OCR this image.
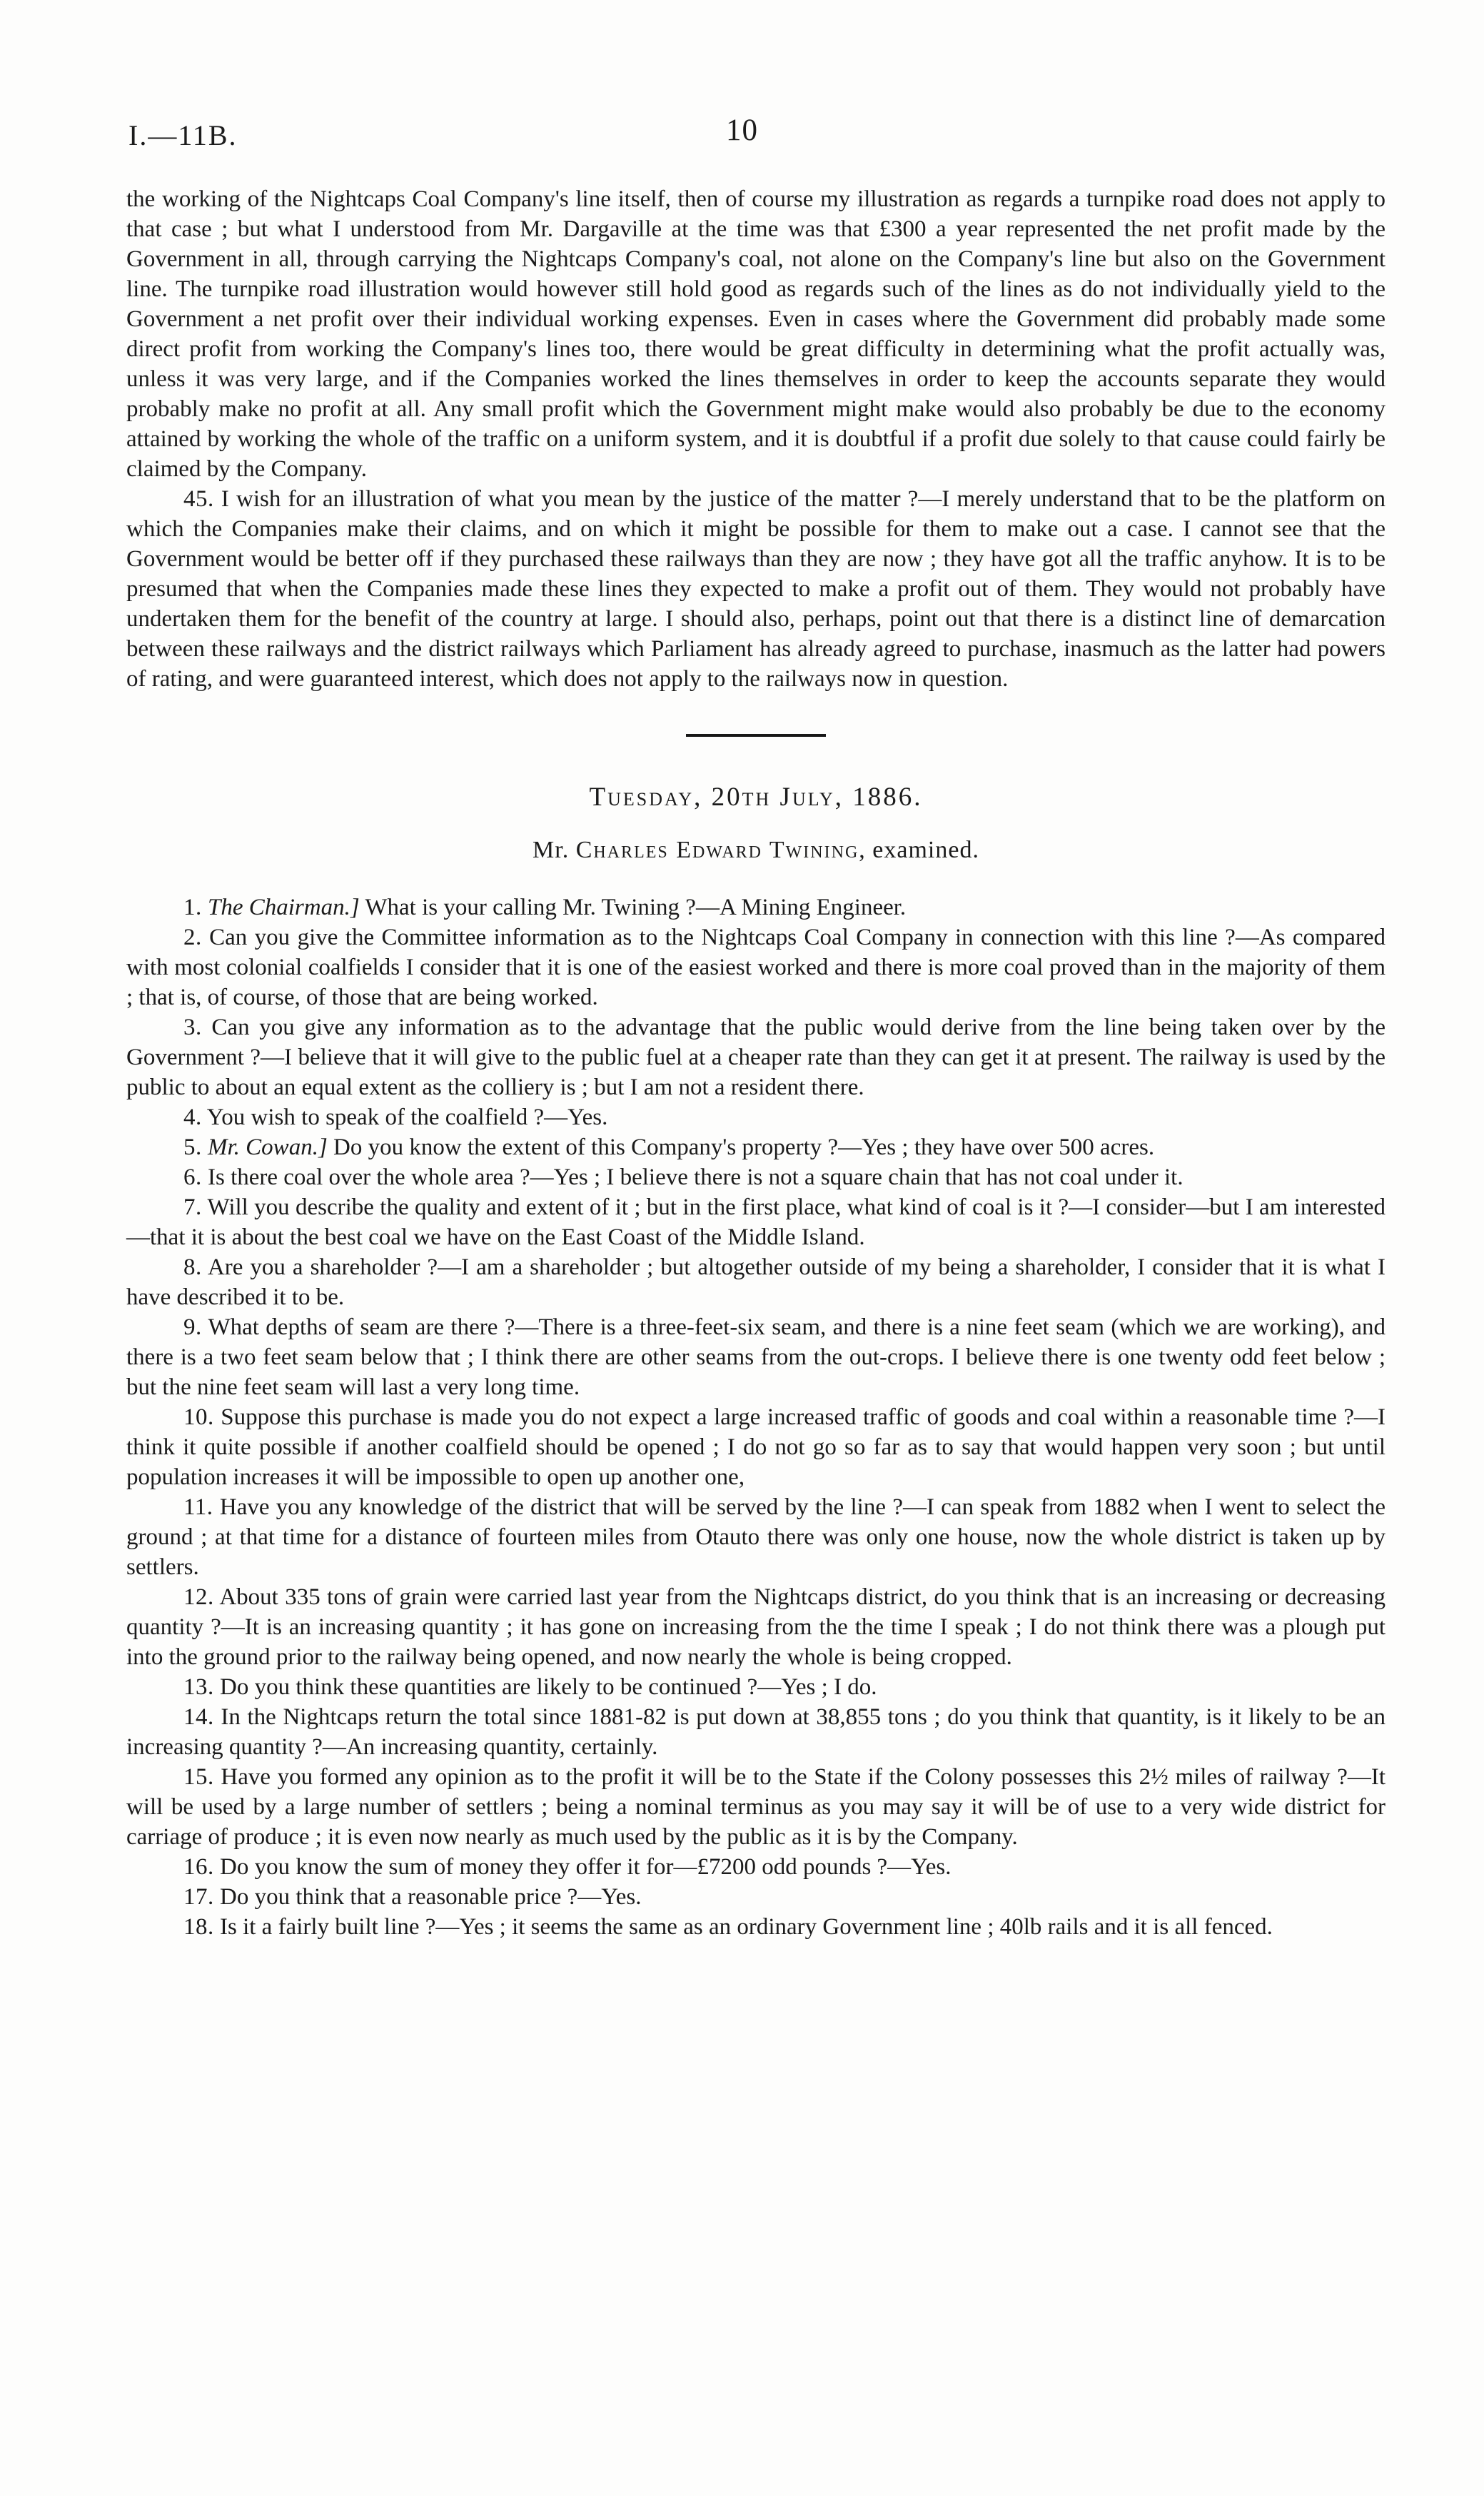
I.—11B.	10

the working of the Nightcaps Coal Company's line itself, then of course my illustration as regards a turnpike road does not apply to that case ; but what I understood from Mr. Dargaville at the time was that £300 a year represented the net profit made by the Government in all, through carrying the Nightcaps Company's coal, not alone on the Company's line but also on the Government line. The turnpike road illustration would however still hold good as regards such of the lines as do not individually yield to the Government a net profit over their individual working expenses. Even in cases where the Government did probably made some direct profit from working the Company's lines too, there would be great difficulty in determining what the profit actually was, unless it was very large, and if the Companies worked the lines themselves in order to keep the accounts separate they would probably make no profit at all. Any small profit which the Government might make would also probably be due to the economy attained by working the whole of the traffic on a uniform system, and it is doubtful if a profit due solely to that cause could fairly be claimed by the Company.

45. I wish for an illustration of what you mean by the justice of the matter ?—I merely understand that to be the platform on which the Companies make their claims, and on which it might be possible for them to make out a case. I cannot see that the Government would be better off if they purchased these railways than they are now ; they have got all the traffic anyhow. It is to be presumed that when the Companies made these lines they expected to make a profit out of them. They would not probably have undertaken them for the benefit of the country at large. I should also, perhaps, point out that there is a distinct line of demarcation between these railways and the district railways which Parliament has already agreed to purchase, inasmuch as the latter had powers of rating, and were guaranteed interest, which does not apply to the railways now in question.

Tuesday, 20th July, 1886.
Mr. Charles Edward Twining, examined.

1. The Chairman.] What is your calling Mr. Twining ?—A Mining Engineer.

2. Can you give the Committee information as to the Nightcaps Coal Company in connection with this line ?—As compared with most colonial coalfields I consider that it is one of the easiest worked and there is more coal proved than in the majority of them ; that is, of course, of those that are being worked.

3. Can you give any information as to the advantage that the public would derive from the line being taken over by the Government ?—I believe that it will give to the public fuel at a cheaper rate than they can get it at present. The railway is used by the public to about an equal extent as the colliery is ; but I am not a resident there.

4. You wish to speak of the coalfield ?—Yes.

5. Mr. Cowan.] Do you know the extent of this Company's property ?—Yes ; they have over 500 acres.

6. Is there coal over the whole area ?—Yes ; I believe there is not a square chain that has not coal under it.

7. Will you describe the quality and extent of it ; but in the first place, what kind of coal is it ?—I consider—but I am interested—that it is about the best coal we have on the East Coast of the Middle Island.

8. Are you a shareholder ?—I am a shareholder ; but altogether outside of my being a shareholder, I consider that it is what I have described it to be.

9. What depths of seam are there ?—There is a three-feet-six seam, and there is a nine feet seam (which we are working), and there is a two feet seam below that ; I think there are other seams from the out-crops. I believe there is one twenty odd feet below ; but the nine feet seam will last a very long time.

10. Suppose this purchase is made you do not expect a large increased traffic of goods and coal within a reasonable time ?—I think it quite possible if another coalfield should be opened ; I do not go so far as to say that would happen very soon ; but until population increases it will be impossible to open up another one,

11. Have you any knowledge of the district that will be served by the line ?—I can speak from 1882 when I went to select the ground ; at that time for a distance of fourteen miles from Otauto there was only one house, now the whole district is taken up by settlers.

12. About 335 tons of grain were carried last year from the Nightcaps district, do you think that is an increasing or decreasing quantity ?—It is an increasing quantity ; it has gone on increasing from the the time I speak ; I do not think there was a plough put into the ground prior to the railway being opened, and now nearly the whole is being cropped.

13. Do you think these quantities are likely to be continued ?—Yes ; I do.

14. In the Nightcaps return the total since 1881-82 is put down at 38,855 tons ; do you think that quantity, is it likely to be an increasing quantity ?—An increasing quantity, certainly.

15. Have you formed any opinion as to the profit it will be to the State if the Colony possesses this 2½ miles of railway ?—It will be used by a large number of settlers ; being a nominal terminus as you may say it will be of use to a very wide district for carriage of produce ; it is even now nearly as much used by the public as it is by the Company.

16. Do you know the sum of money they offer it for—£7200 odd pounds ?—Yes.

17. Do you think that a reasonable price ?—Yes.

18. Is it a fairly built line ?—Yes ; it seems the same as an ordinary Government line ; 40lb rails and it is all fenced.
